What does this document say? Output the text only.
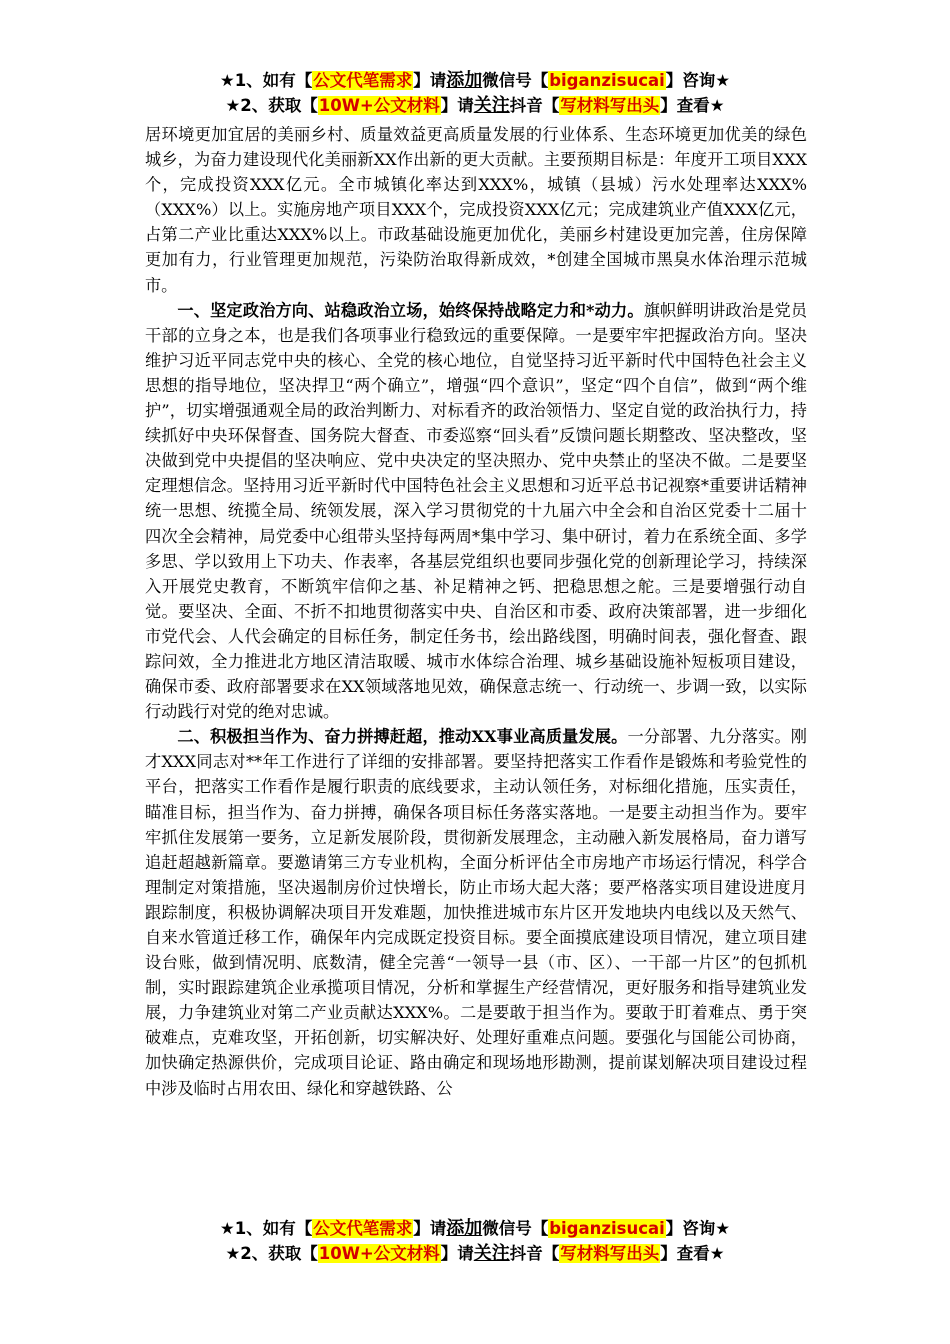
★1、如有【公文代笔需求】请添加微信号【biganzisucai】咨询★
★2、获取【10W+公文材料】请关注抖音【写材料写出头】查看★

居环境更加宜居的美丽乡村、质量效益更高质量发展的行业体系、生态环境更加优美的绿色城乡，为奋力建设现代化美丽新XX作出新的更大贡献。主要预期目标是：年度开工项目XXX个，完成投资XXX亿元。全市城镇化率达到XXX%，城镇（县城）污水处理率达XXX%（XXX%）以上。实施房地产项目XXX个，完成投资XXX亿元；完成建筑业产值XXX亿元，占第二产业比重达XXX%以上。市政基础设施更加优化，美丽乡村建设更加完善，住房保障更加有力，行业管理更加规范，污染防治取得新成效，*创建全国城市黑臭水体治理示范城市。

一、坚定政治方向、站稳政治立场，始终保持战略定力和*动力。旗帜鲜明讲政治是党员干部的立身之本，也是我们各项事业行稳致远的重要保障。一是要牢牢把握政治方向。坚决维护习近平同志党中央的核心、全党的核心地位，自觉坚持习近平新时代中国特色社会主义思想的指导地位，坚决捍卫“两个确立”，增强“四个意识”，坚定“四个自信”，做到“两个维护”，切实增强通观全局的政治判断力、对标看齐的政治领悟力、坚定自觉的政治执行力，持续抓好中央环保督查、国务院大督查、市委巡察“回头看”反馈问题长期整改、坚决整改，坚决做到党中央提倡的坚决响应、党中央决定的坚决照办、党中央禁止的坚决不做。二是要坚定理想信念。坚持用习近平新时代中国特色社会主义思想和习近平总书记视察*重要讲话精神统一思想、统揽全局、统领发展，深入学习贯彻党的十九届六中全会和自治区党委十二届十四次全会精神，局党委中心组带头坚持每两周*集中学习、集中研讨，着力在系统全面、多学多思、学以致用上下功夫、作表率，各基层党组织也要同步强化党的创新理论学习，持续深入开展党史教育，不断筑牢信仰之基、补足精神之钙、把稳思想之舵。三是要增强行动自觉。要坚决、全面、不折不扣地贯彻落实中央、自治区和市委、政府决策部署，进一步细化市党代会、人代会确定的目标任务，制定任务书，绘出路线图，明确时间表，强化督查、跟踪问效，全力推进北方地区清洁取暖、城市水体综合治理、城乡基础设施补短板项目建设，确保市委、政府部署要求在XX领域落地见效，确保意志统一、行动统一、步调一致，以实际行动践行对党的绝对忠诚。

二、积极担当作为、奋力拼搏赶超，推动XX事业高质量发展。一分部署、九分落实。刚才XXX同志对**年工作进行了详细的安排部署。要坚持把落实工作看作是锻炼和考验党性的平台，把落实工作看作是履行职责的底线要求，主动认领任务，对标细化措施，压实责任，瞄准目标，担当作为、奋力拼搏，确保各项目标任务落实落地。一是要主动担当作为。要牢牢抓住发展第一要务，立足新发展阶段，贯彻新发展理念，主动融入新发展格局，奋力谱写追赶超越新篇章。要邀请第三方专业机构，全面分析评估全市房地产市场运行情况，科学合理制定对策措施，坚决遏制房价过快增长，防止市场大起大落；要严格落实项目建设进度月跟踪制度，积极协调解决项目开发难题，加快推进城市东片区开发地块内电线以及天然气、自来水管道迁移工作，确保年内完成既定投资目标。要全面摸底建设项目情况，建立项目建设台账，做到情况明、底数清，健全完善“一领导一县（市、区）、一干部一片区”的包抓机制，实时跟踪建筑企业承揽项目情况，分析和掌握生产经营情况，更好服务和指导建筑业发展，力争建筑业对第二产业贡献达XXX%。二是要敢于担当作为。要敢于盯着难点、勇于突破难点，克难攻坚，开拓创新，切实解决好、处理好重难点问题。要强化与国能公司协商，加快确定热源供价，完成项目论证、路由确定和现场地形勘测，提前谋划解决项目建设过程中涉及临时占用农田、绿化和穿越铁路、公

★1、如有【公文代笔需求】请添加微信号【biganzisucai】咨询★
★2、获取【10W+公文材料】请关注抖音【写材料写出头】查看★
